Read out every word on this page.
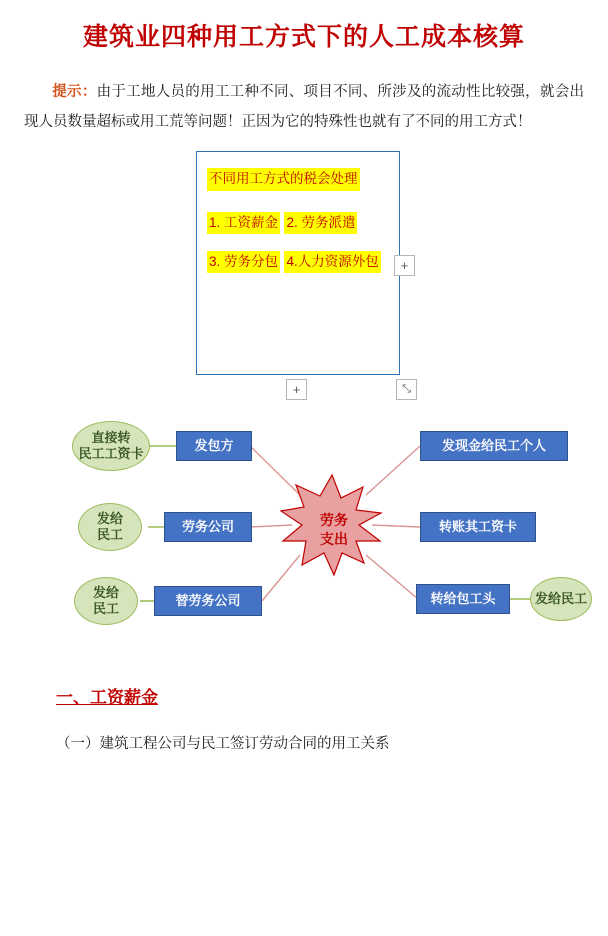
建筑业四种用工方式下的人工成本核算
提示：由于工地人员的用工工种不同、项目不同、所涉及的流动性比较强，就会出现人员数量超标或用工荒等问题！正因为它的特殊性也就有了不同的用工方式！
不同用工方式的税会处理 1. 工资薪金 2. 劳务派遣 3. 劳务分包 4.人力资源外包	+
+	⤡
直接转
民工工资卡
发包方
发给
民工
劳务公司
发给
民工
替劳务公司
发现金给民工个人
转账其工资卡
转给包工头	发给民工
劳务
支出
一、工资薪金
（一）建筑工程公司与民工签订劳动合同的用工关系
